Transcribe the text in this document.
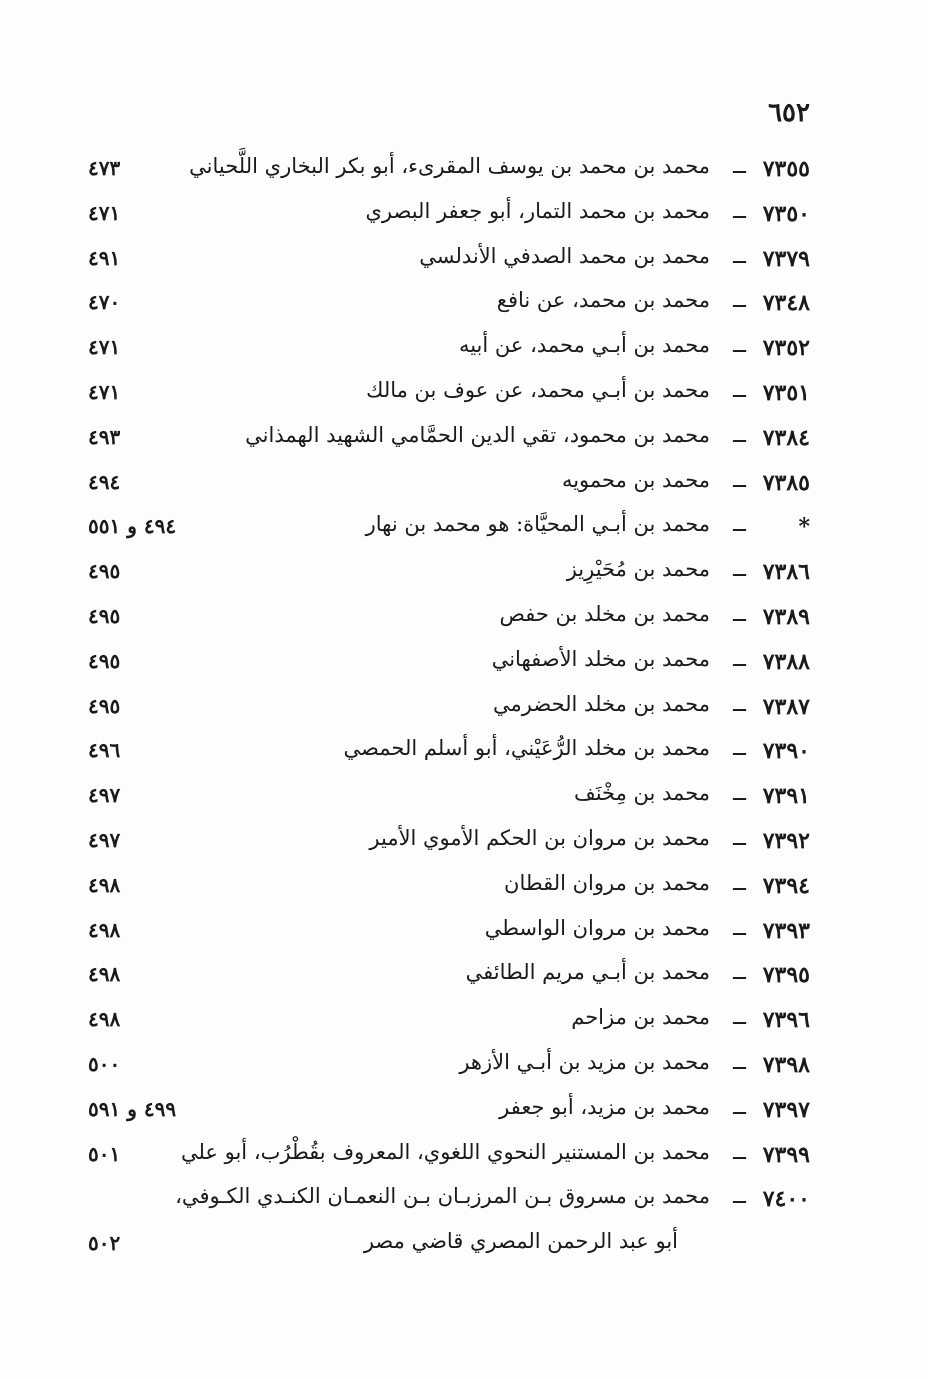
٦٥٢
٧٣٥٥
ــ
محمد بن محمد بن يوسف المقرىء، أبو بكر البخاري اللَّحياني
٤٧٣
٧٣٥٠
ــ
محمد بن محمد التمار، أبو جعفر البصري
٤٧١
٧٣٧٩
ــ
محمد بن محمد الصدفي الأندلسي
٤٩١
٧٣٤٨
ــ
محمد بن محمد، عن نافع
٤٧٠
٧٣٥٢
ــ
محمد بن أبـي محمد، عن أبيه
٤٧١
٧٣٥١
ــ
محمد بن أبـي محمد، عن عوف بن مالك
٤٧١
٧٣٨٤
ــ
محمد بن محمود، تقي الدين الحمَّامي الشهيد الهمذاني
٤٩٣
٧٣٨٥
ــ
محمد بن محمويه
٤٩٤
*
ــ
محمد بن أبـي المحيَّاة: هو محمد بن نهار
٤٩٤ و ٥٥١
٧٣٨٦
ــ
محمد بن مُحَيْرِيز
٤٩٥
٧٣٨٩
ــ
محمد بن مخلد بن حفص
٤٩٥
٧٣٨٨
ــ
محمد بن مخلد الأصفهاني
٤٩٥
٧٣٨٧
ــ
محمد بن مخلد الحضرمي
٤٩٥
٧٣٩٠
ــ
محمد بن مخلد الرُّعَيْني، أبو أسلم الحمصي
٤٩٦
٧٣٩١
ــ
محمد بن مِخْنَف
٤٩٧
٧٣٩٢
ــ
محمد بن مروان بن الحكم الأموي الأمير
٤٩٧
٧٣٩٤
ــ
محمد بن مروان القطان
٤٩٨
٧٣٩٣
ــ
محمد بن مروان الواسطي
٤٩٨
٧٣٩٥
ــ
محمد بن أبـي مريم الطائفي
٤٩٨
٧٣٩٦
ــ
محمد بن مزاحم
٤٩٨
٧٣٩٨
ــ
محمد بن مزيد بن أبـي الأزهر
٥٠٠
٧٣٩٧
ــ
محمد بن مزيد، أبو جعفر
٤٩٩ و ٥٩١
٧٣٩٩
ــ
محمد بن المستنير النحوي اللغوي، المعروف بقُطْرُب، أبو علي
٥٠١
٧٤٠٠
ــ
محمد بن مسروق بـن المرزبـان بـن النعمـان الكنـدي الكـوفي،
أبو عبد الرحمن المصري قاضي مصر
٥٠٢
